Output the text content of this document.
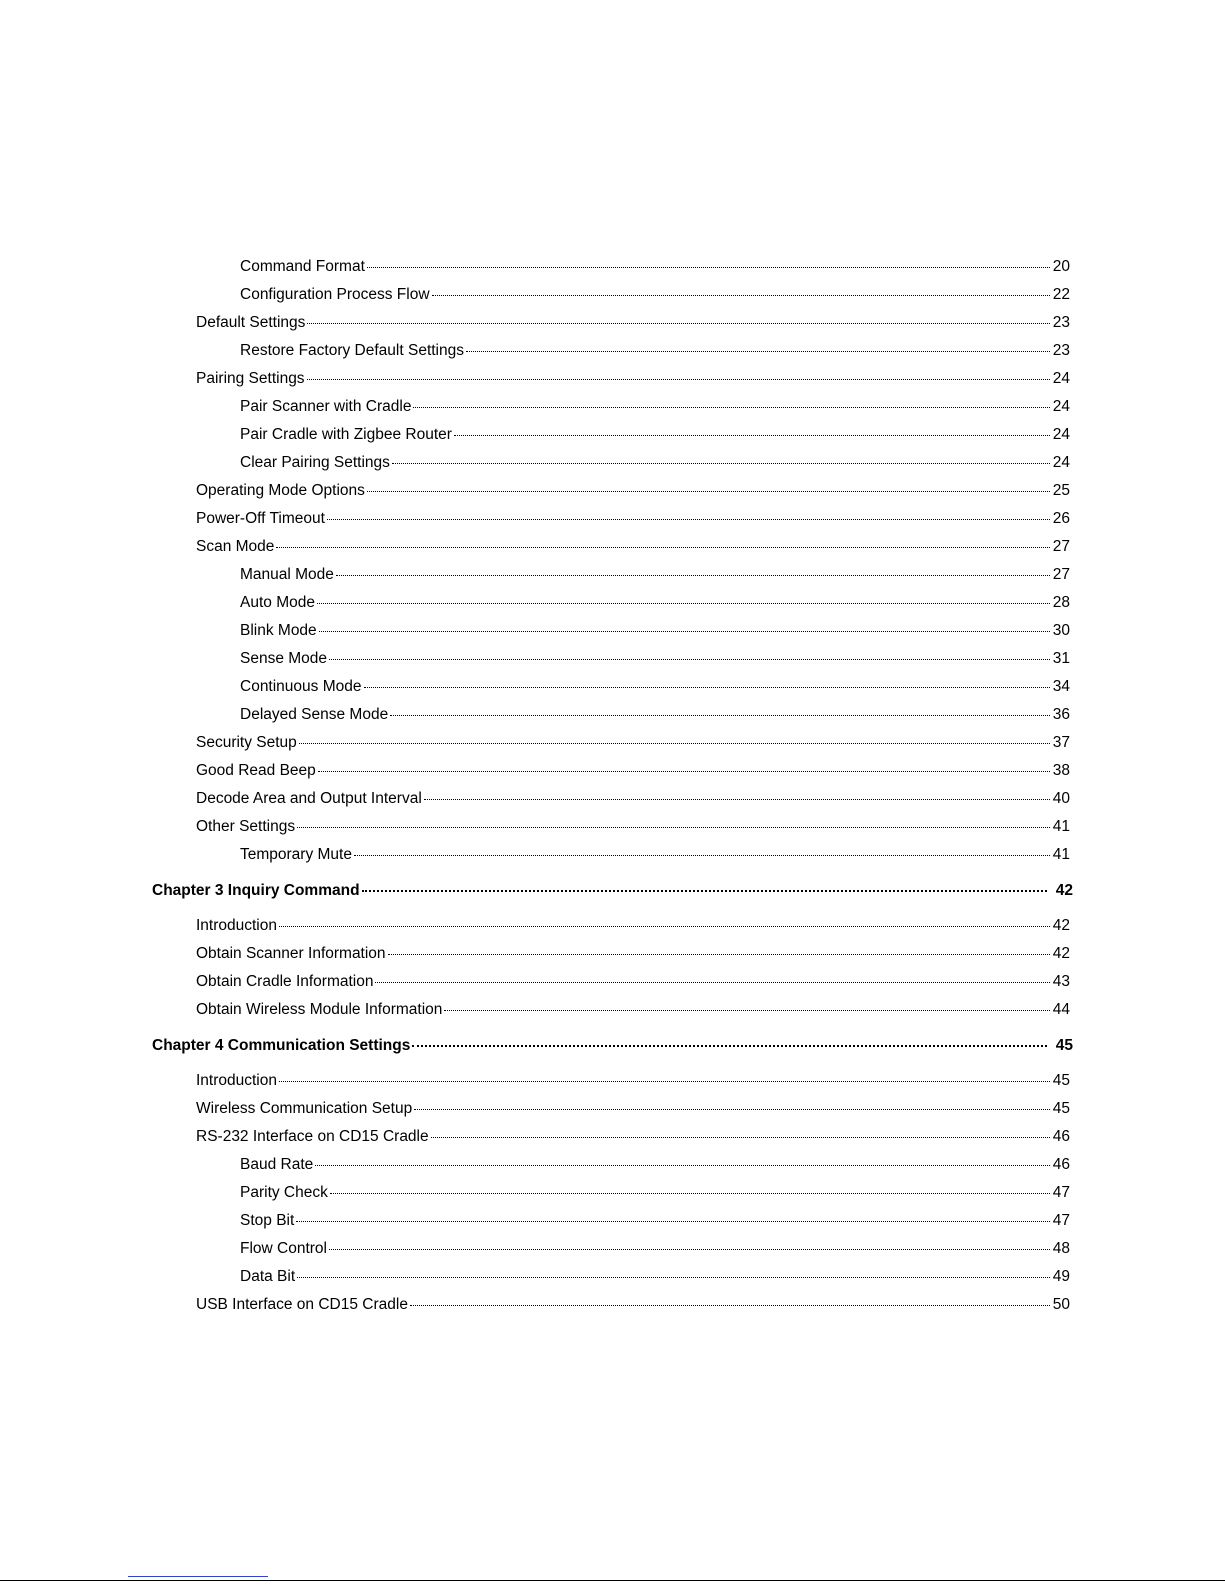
Command Format	20
Configuration Process Flow	22
Default Settings	23
Restore Factory Default Settings	23
Pairing Settings	24
Pair Scanner with Cradle	24
Pair Cradle with Zigbee Router	24
Clear Pairing Settings	24
Operating Mode Options	25
Power-Off Timeout	26
Scan Mode	27
Manual Mode	27
Auto Mode	28
Blink Mode	30
Sense Mode	31
Continuous Mode	34
Delayed Sense Mode	36
Security Setup	37
Good Read Beep	38
Decode Area and Output Interval	40
Other Settings	41
Temporary Mute	41
Chapter 3 Inquiry Command	42
Introduction	42
Obtain Scanner Information	42
Obtain Cradle Information	43
Obtain Wireless Module Information	44
Chapter 4 Communication Settings	45
Introduction	45
Wireless Communication Setup	45
RS-232 Interface on CD15 Cradle	46
Baud Rate	46
Parity Check	47
Stop Bit	47
Flow Control	48
Data Bit	49
USB Interface on CD15 Cradle	50
